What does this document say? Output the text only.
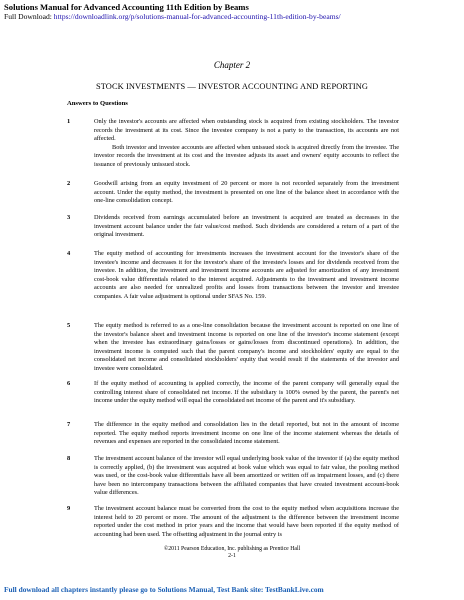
Solutions Manual for Advanced Accounting 11th Edition by Beams
Full Download: https://downloadlink.org/p/solutions-manual-for-advanced-accounting-11th-edition-by-beams/
Chapter 2
STOCK INVESTMENTS — INVESTOR ACCOUNTING AND REPORTING
Answers to Questions
1	Only the investor's accounts are affected when outstanding stock is acquired from existing stockholders. The investor records the investment at its cost. Since the investee company is not a party to the transaction, its accounts are not affected.

Both investor and investee accounts are affected when unissued stock is acquired directly from the investee. The investor records the investment at its cost and the investee adjusts its asset and owners' equity accounts to reflect the issuance of previously unissued stock.

2	Goodwill arising from an equity investment of 20 percent or more is not recorded separately from the investment account. Under the equity method, the investment is presented on one line of the balance sheet in accordance with the one-line consolidation concept.

3	Dividends received from earnings accumulated before an investment is acquired are treated as decreases in the investment account balance under the fair value/cost method. Such dividends are considered a return of a part of the original investment.

4	The equity method of accounting for investments increases the investment account for the investor's share of the investee's income and decreases it for the investor's share of the investee's losses and for dividends received from the investee. In addition, the investment and investment income accounts are adjusted for amortization of any investment cost-book value differentials related to the interest acquired. Adjustments to the investment and investment income accounts are also needed for unrealized profits and losses from transactions between the investor and investee companies. A fair value adjustment is optional under SFAS No. 159.

5	The equity method is referred to as a one-line consolidation because the investment account is reported on one line of the investor's balance sheet and investment income is reported on one line of the investor's income statement (except when the investee has extraordinary gains/losses or gains/losses from discontinued operations). In addition, the investment income is computed such that the parent company's income and stockholders' equity are equal to the consolidated net income and consolidated stockholders' equity that would result if the statements of the investor and investee were consolidated.

6	If the equity method of accounting is applied correctly, the income of the parent company will generally equal the controlling interest share of consolidated net income. If the subsidiary is 100% owned by the parent, the parent's net income under the equity method will equal the consolidated net income of the parent and it's subsidiary.

7	The difference in the equity method and consolidation lies in the detail reported, but not in the amount of income reported. The equity method reports investment income on one line of the income statement whereas the details of revenues and expenses are reported in the consolidated income statement.

8	The investment account balance of the investor will equal underlying book value of the investor if (a) the equity method is correctly applied, (b) the investment was acquired at book value which was equal to fair value, the pooling method was used, or the cost-book value differentials have all been amortized or written off as impairment losses, and (c) there have been no intercompany transactions between the affiliated companies that have created investment account-book value differences.

9	The investment account balance must be converted from the cost to the equity method when acquisitions increase the interest held to 20 percent or more. The amount of the adjustment is the difference between the investment income reported under the cost method in prior years and the income that would have been reported if the equity method of accounting had been used. The offsetting adjustment in the journal entry is

©2011 Pearson Education, Inc. publishing as Prentice Hall
2-1
Full download all chapters instantly please go to Solutions Manual, Test Bank site: TestBankLive.com
